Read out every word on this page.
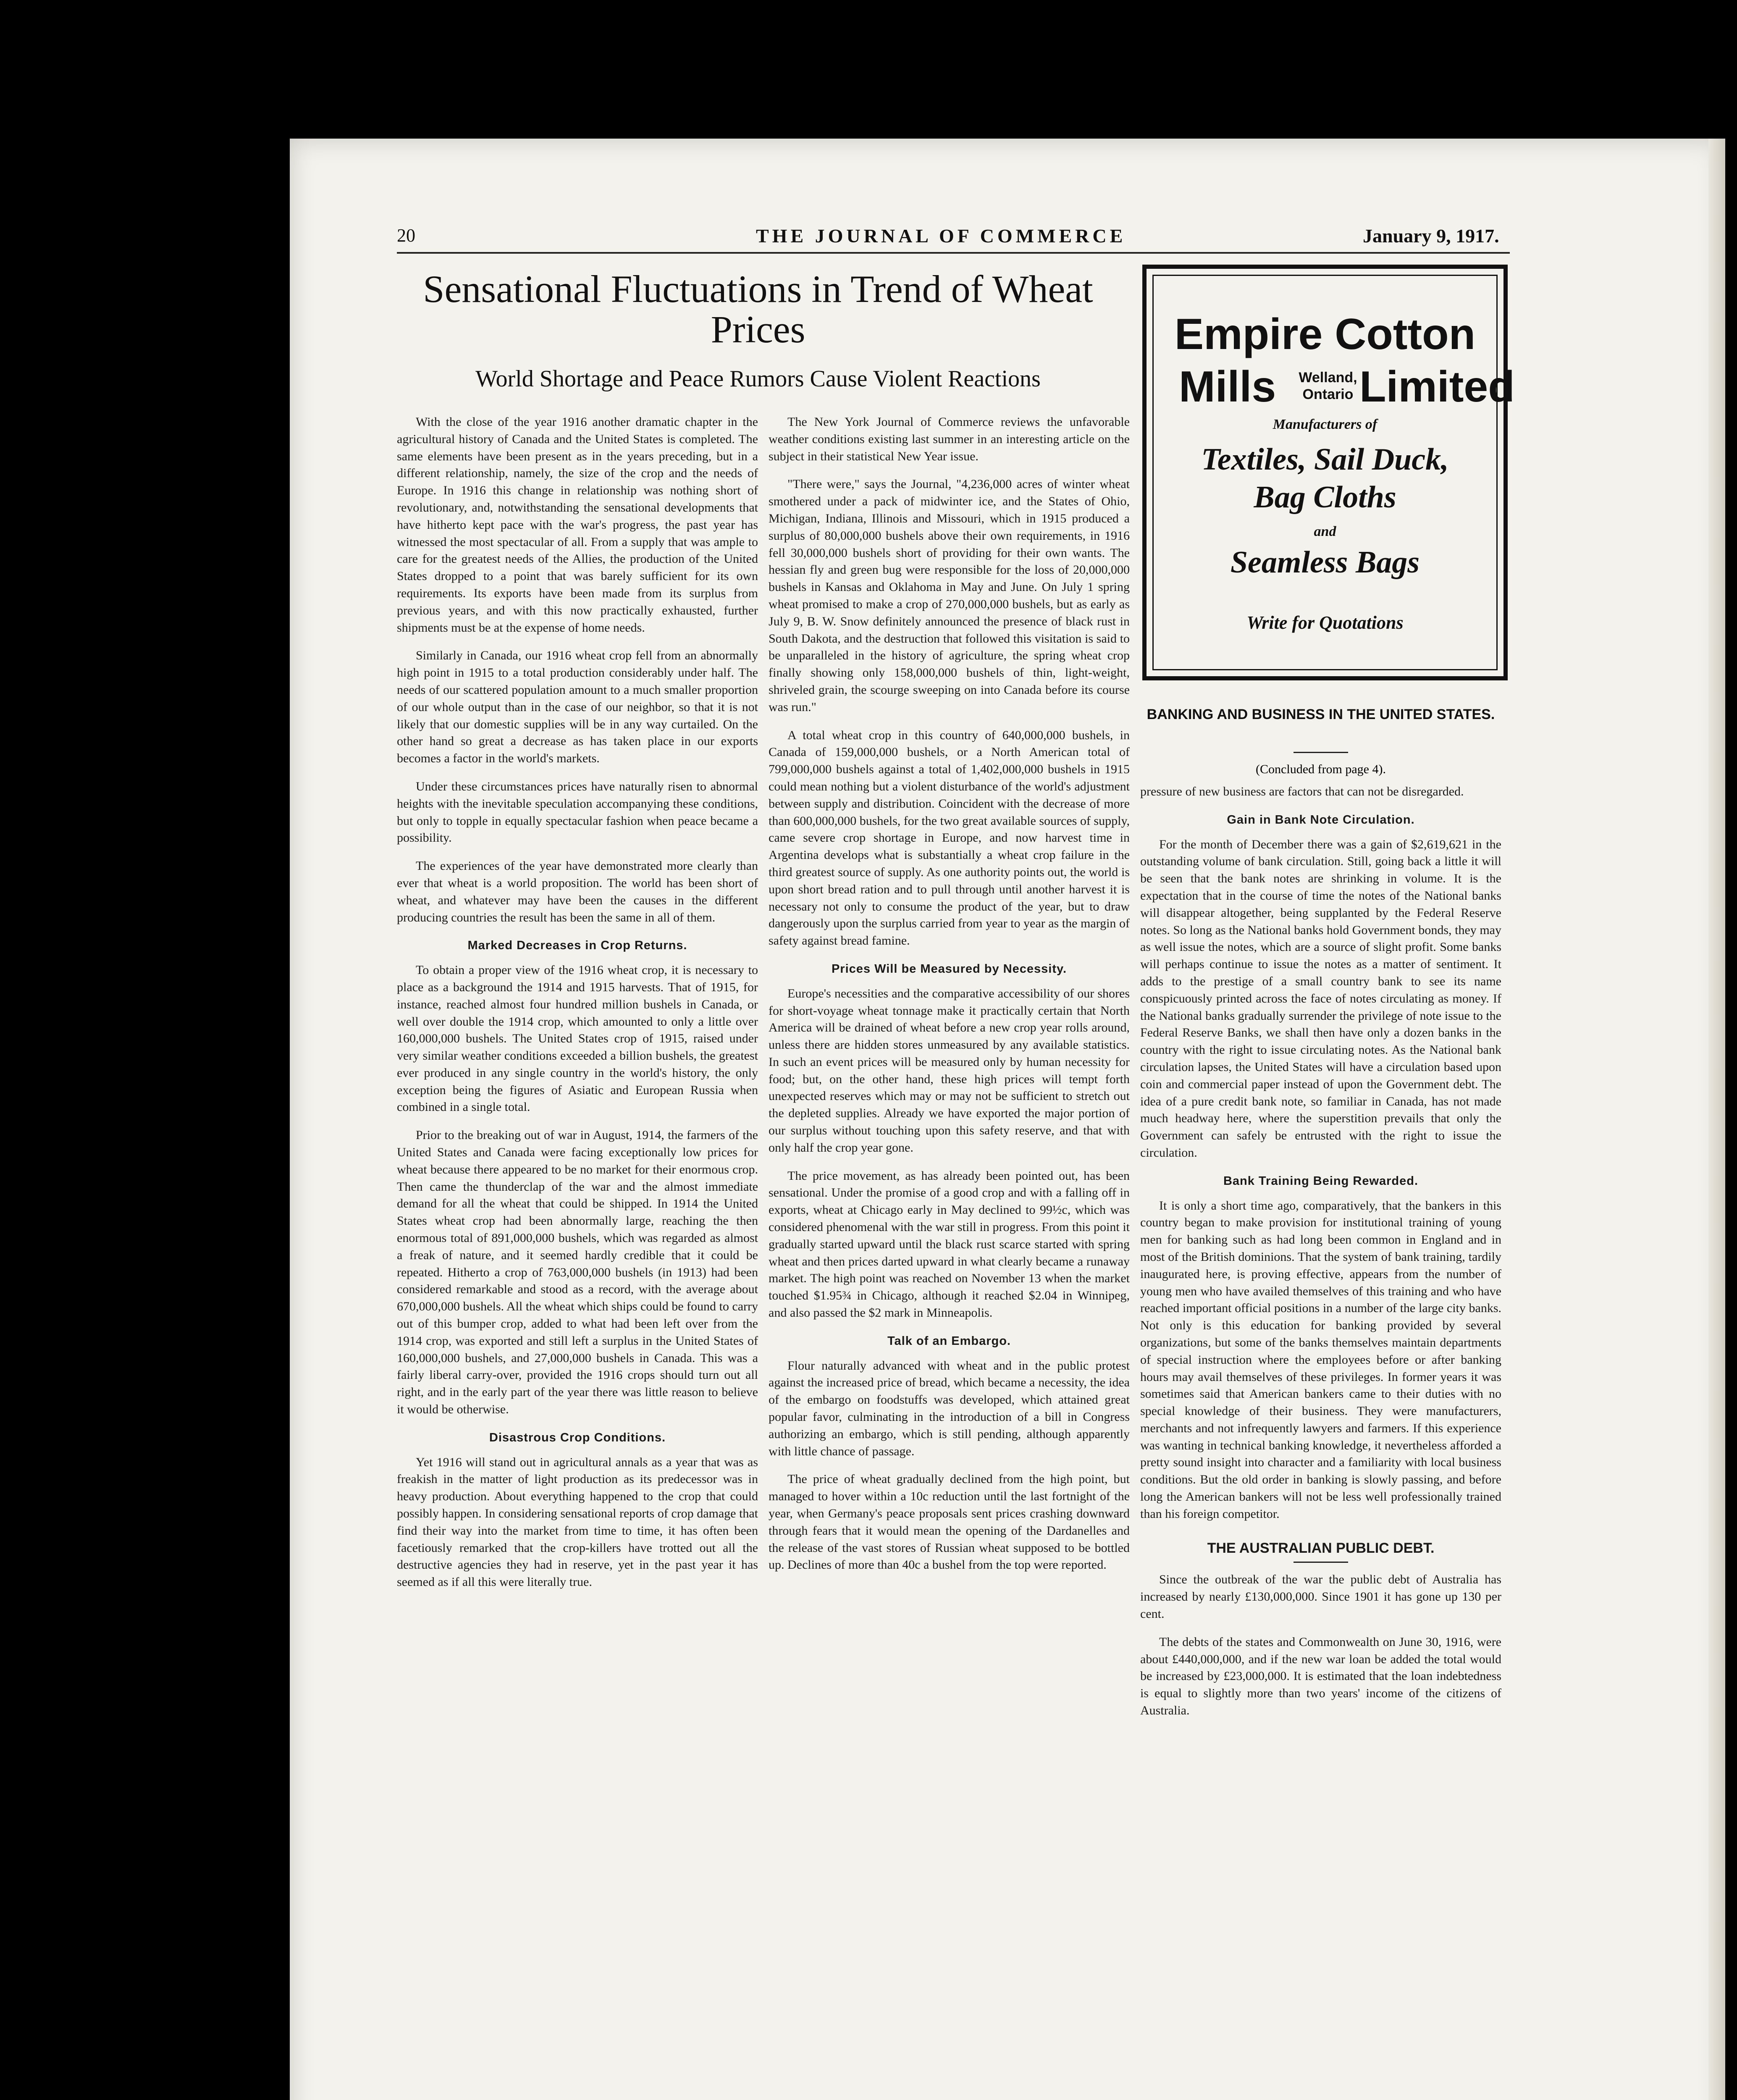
20	THE JOURNAL OF COMMERCE	January 9, 1917.
Sensational Fluctuations in Trend of Wheat Prices
World Shortage and Peace Rumors Cause Violent Reactions

With the close of the year 1916 another dramatic chapter in the agricultural history of Canada and the United States is completed. The same elements have been present as in the years preceding, but in a different relationship, namely, the size of the crop and the needs of Europe. In 1916 this change in relationship was nothing short of revolutionary, and, notwithstanding the sensational developments that have hitherto kept pace with the war's progress, the past year has witnessed the most spectacular of all. From a supply that was ample to care for the greatest needs of the Allies, the production of the United States dropped to a point that was barely sufficient for its own requirements. Its exports have been made from its surplus from previous years, and with this now practically exhausted, further shipments must be at the expense of home needs.

Similarly in Canada, our 1916 wheat crop fell from an abnormally high point in 1915 to a total production considerably under half. The needs of our scattered population amount to a much smaller proportion of our whole output than in the case of our neighbor, so that it is not likely that our domestic supplies will be in any way curtailed. On the other hand so great a decrease as has taken place in our exports becomes a factor in the world's markets.

Under these circumstances prices have naturally risen to abnormal heights with the inevitable speculation accompanying these conditions, but only to topple in equally spectacular fashion when peace became a possibility.

The experiences of the year have demonstrated more clearly than ever that wheat is a world proposition. The world has been short of wheat, and whatever may have been the causes in the different producing countries the result has been the same in all of them.

Marked Decreases in Crop Returns.

To obtain a proper view of the 1916 wheat crop, it is necessary to place as a background the 1914 and 1915 harvests. That of 1915, for instance, reached almost four hundred million bushels in Canada, or well over double the 1914 crop, which amounted to only a little over 160,000,000 bushels. The United States crop of 1915, raised under very similar weather conditions exceeded a billion bushels, the greatest ever produced in any single country in the world's history, the only exception being the figures of Asiatic and European Russia when combined in a single total.

Prior to the breaking out of war in August, 1914, the farmers of the United States and Canada were facing exceptionally low prices for wheat because there appeared to be no market for their enormous crop. Then came the thunderclap of the war and the almost immediate demand for all the wheat that could be shipped. In 1914 the United States wheat crop had been abnormally large, reaching the then enormous total of 891,000,000 bushels, which was regarded as almost a freak of nature, and it seemed hardly credible that it could be repeated. Hitherto a crop of 763,000,000 bushels (in 1913) had been considered remarkable and stood as a record, with the average about 670,000,000 bushels. All the wheat which ships could be found to carry out of this bumper crop, added to what had been left over from the 1914 crop, was exported and still left a surplus in the United States of 160,000,000 bushels, and 27,000,000 bushels in Canada. This was a fairly liberal carry-over, provided the 1916 crops should turn out all right, and in the early part of the year there was little reason to believe it would be otherwise.

Disastrous Crop Conditions.

Yet 1916 will stand out in agricultural annals as a year that was as freakish in the matter of light production as its predecessor was in heavy production. About everything happened to the crop that could possibly happen. In considering sensational reports of crop damage that find their way into the market from time to time, it has often been facetiously remarked that the crop-killers have trotted out all the destructive agencies they had in reserve, yet in the past year it has seemed as if all this were literally true.

The New York Journal of Commerce reviews the unfavorable weather conditions existing last summer in an interesting article on the subject in their statistical New Year issue.

"There were," says the Journal, "4,236,000 acres of winter wheat smothered under a pack of midwinter ice, and the States of Ohio, Michigan, Indiana, Illinois and Missouri, which in 1915 produced a surplus of 80,000,000 bushels above their own requirements, in 1916 fell 30,000,000 bushels short of providing for their own wants. The hessian fly and green bug were responsible for the loss of 20,000,000 bushels in Kansas and Oklahoma in May and June. On July 1 spring wheat promised to make a crop of 270,000,000 bushels, but as early as July 9, B. W. Snow definitely announced the presence of black rust in South Dakota, and the destruction that followed this visitation is said to be unparalleled in the history of agriculture, the spring wheat crop finally showing only 158,000,000 bushels of thin, light-weight, shriveled grain, the scourge sweeping on into Canada before its course was run."

A total wheat crop in this country of 640,000,000 bushels, in Canada of 159,000,000 bushels, or a North American total of 799,000,000 bushels against a total of 1,402,000,000 bushels in 1915 could mean nothing but a violent disturbance of the world's adjustment between supply and distribution. Coincident with the decrease of more than 600,000,000 bushels, for the two great available sources of supply, came severe crop shortage in Europe, and now harvest time in Argentina develops what is substantially a wheat crop failure in the third greatest source of supply. As one authority points out, the world is upon short bread ration and to pull through until another harvest it is necessary not only to consume the product of the year, but to draw dangerously upon the surplus carried from year to year as the margin of safety against bread famine.

Prices Will be Measured by Necessity.

Europe's necessities and the comparative accessibility of our shores for short-voyage wheat tonnage make it practically certain that North America will be drained of wheat before a new crop year rolls around, unless there are hidden stores unmeasured by any available statistics. In such an event prices will be measured only by human necessity for food; but, on the other hand, these high prices will tempt forth unexpected reserves which may or may not be sufficient to stretch out the depleted supplies. Already we have exported the major portion of our surplus without touching upon this safety reserve, and that with only half the crop year gone.

The price movement, as has already been pointed out, has been sensational. Under the promise of a good crop and with a falling off in exports, wheat at Chicago early in May declined to 99½c, which was considered phenomenal with the war still in progress. From this point it gradually started upward until the black rust scarce started with spring wheat and then prices darted upward in what clearly became a runaway market. The high point was reached on November 13 when the market touched $1.95¾ in Chicago, although it reached $2.04 in Winnipeg, and also passed the $2 mark in Minneapolis.

Talk of an Embargo.

Flour naturally advanced with wheat and in the public protest against the increased price of bread, which became a necessity, the idea of the embargo on foodstuffs was developed, which attained great popular favor, culminating in the introduction of a bill in Congress authorizing an embargo, which is still pending, although apparently with little chance of passage.

The price of wheat gradually declined from the high point, but managed to hover within a 10c reduction until the last fortnight of the year, when Germany's peace proposals sent prices crashing downward through fears that it would mean the opening of the Dardanelles and the release of the vast stores of Russian wheat supposed to be bottled up. Declines of more than 40c a bushel from the top were reported.

Empire Cotton
Mills	Welland, Ontario Limited
Manufacturers of
Textiles, Sail Duck,
Bag Cloths
and
Seamless Bags
Write for Quotations
BANKING AND BUSINESS IN THE UNITED STATES.
(Concluded from page 4).

pressure of new business are factors that can not be disregarded.

Gain in Bank Note Circulation.

For the month of December there was a gain of $2,619,621 in the outstanding volume of bank circulation. Still, going back a little it will be seen that the bank notes are shrinking in volume. It is the expectation that in the course of time the notes of the National banks will disappear altogether, being supplanted by the Federal Reserve notes. So long as the National banks hold Government bonds, they may as well issue the notes, which are a source of slight profit. Some banks will perhaps continue to issue the notes as a matter of sentiment. It adds to the prestige of a small country bank to see its name conspicuously printed across the face of notes circulating as money. If the National banks gradually surrender the privilege of note issue to the Federal Reserve Banks, we shall then have only a dozen banks in the country with the right to issue circulating notes. As the National bank circulation lapses, the United States will have a circulation based upon coin and commercial paper instead of upon the Government debt. The idea of a pure credit bank note, so familiar in Canada, has not made much headway here, where the superstition prevails that only the Government can safely be entrusted with the right to issue the circulation.

Bank Training Being Rewarded.

It is only a short time ago, comparatively, that the bankers in this country began to make provision for institutional training of young men for banking such as had long been common in England and in most of the British dominions. That the system of bank training, tardily inaugurated here, is proving effective, appears from the number of young men who have availed themselves of this training and who have reached important official positions in a number of the large city banks. Not only is this education for banking provided by several organizations, but some of the banks themselves maintain departments of special instruction where the employees before or after banking hours may avail themselves of these privileges. In former years it was sometimes said that American bankers came to their duties with no special knowledge of their business. They were manufacturers, merchants and not infrequently lawyers and farmers. If this experience was wanting in technical banking knowledge, it nevertheless afforded a pretty sound insight into character and a familiarity with local business conditions. But the old order in banking is slowly passing, and before long the American bankers will not be less well professionally trained than his foreign competitor.

THE AUSTRALIAN PUBLIC DEBT.

Since the outbreak of the war the public debt of Australia has increased by nearly £130,000,000. Since 1901 it has gone up 130 per cent.

The debts of the states and Commonwealth on June 30, 1916, were about £440,000,000, and if the new war loan be added the total would be increased by £23,000,000. It is estimated that the loan indebtedness is equal to slightly more than two years' income of the citizens of Australia.
